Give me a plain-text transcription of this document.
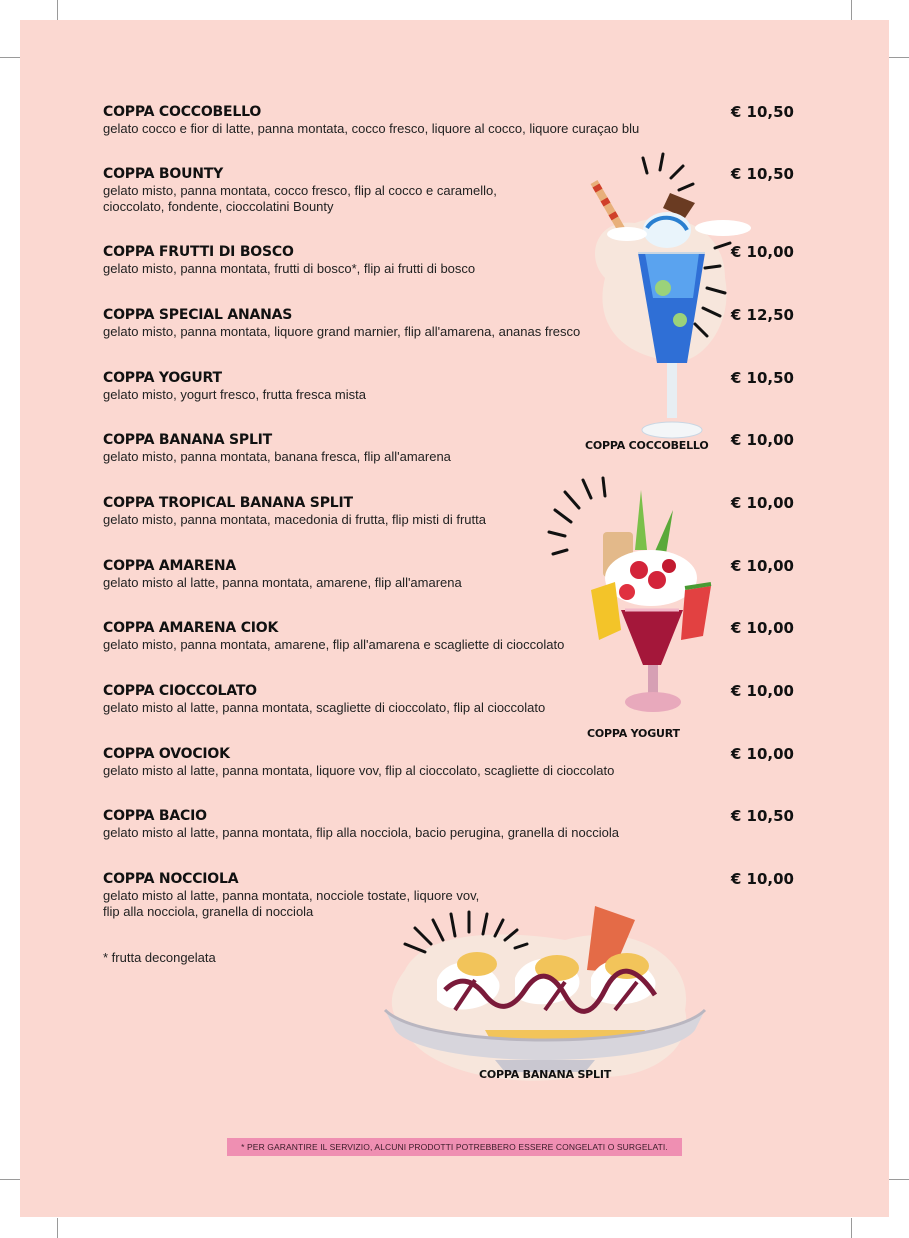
COPPA COCCOBELLO
COPPA YOGURT
COPPA BANANA SPLIT
COPPA COCCOBELLO
gelato cocco e fior di latte, panna montata, cocco fresco, liquore al cocco, liquore curaçao blu
€ 10,50
COPPA BOUNTY
gelato misto, panna montata, cocco fresco, flip al cocco e caramello,
cioccolato, fondente, cioccolatini Bounty
€ 10,50
COPPA FRUTTI DI BOSCO
gelato misto, panna montata, frutti di bosco*, flip ai frutti di bosco
€ 10,00
COPPA SPECIAL ANANAS
gelato misto, panna montata, liquore grand marnier, flip all'amarena, ananas fresco
€ 12,50
COPPA YOGURT
gelato misto, yogurt fresco, frutta fresca mista
€ 10,50
COPPA BANANA SPLIT
gelato misto, panna montata, banana fresca, flip all'amarena
€ 10,00
COPPA TROPICAL BANANA SPLIT
gelato misto, panna montata, macedonia di frutta, flip misti di frutta
€ 10,00
COPPA AMARENA
gelato misto al latte, panna montata, amarene, flip all'amarena
€ 10,00
COPPA AMARENA CIOK
gelato misto, panna montata, amarene, flip all'amarena e scagliette di cioccolato
€ 10,00
COPPA CIOCCOLATO
gelato misto al latte, panna montata, scagliette di cioccolato, flip al cioccolato
€ 10,00
COPPA OVOCIOK
gelato misto al latte, panna montata, liquore vov, flip al cioccolato, scagliette di cioccolato
€ 10,00
COPPA BACIO
gelato misto al latte, panna montata, flip alla nocciola, bacio perugina, granella di nocciola
€ 10,50
COPPA NOCCIOLA
gelato misto al latte, panna montata, nocciole tostate, liquore vov,
flip alla nocciola, granella di nocciola
€ 10,00
* frutta decongelata
* PER GARANTIRE IL SERVIZIO, ALCUNI PRODOTTI POTREBBERO ESSERE CONGELATI O SURGELATI.
